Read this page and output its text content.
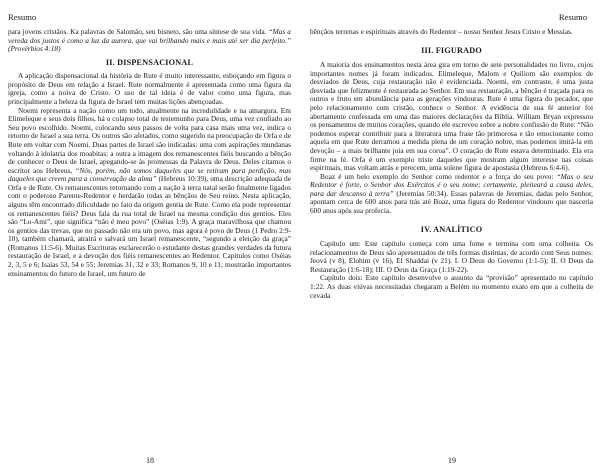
Resumo

para jovens cristãos. Ka palavras de Salomão, seu bisneto, são uma síntese de sua vida. “Mas a vereda dos justos é como a luz da aurora, que vai brilhando mais e mais até ser dia perfeito.” (Provérbios 4:18)

II. DISPENSACIONAL

A aplicação dispensacional da história de Rute é muito interessante, esboçando em figura o propósito de Deus em relação a Israel. Rute normalmente é apresentada como uma figura da igreja, como a noiva de Cristo. O uso de tal ideia é de valor como uma figura, mas principalmente a beleza da figura de Israel tem muitas lições abençoadas.

Noemi representa a nação como um todo, atualmente na incredulidade e na amargura. Em Elimeleque e seus dois filhos, há o colapso total de testemunho para Deus, uma vez confiado ao Seu povo escolhido. Noemi, colocando seus passos de volta para casa mais uma vez, indica o retorno de Israel a sua terra. Os outros são afetados, como sugerido na preocupação de Orfa e de Rute em voltar com Noemi. Duas partes de Israel são indicadas: uma com aspirações mundanas voltando à idolatria dos moabitas; a outra a imagem dos remanescentes fiéis buscando a bênção de conhecer o Deus de Israel, apegando-se às promessas da Palavra de Deus. Deles citamos o escritor aos Hebreus, “Nós, porém, não somos daqueles que se retiram para perdição, mas daqueles que creem para a conservação da alma” (Hebreus 10:39), uma descrição adequada de Orfa e de Rute. Os remanescentes retornando com a nação à terra natal serão finalmente ligados com o poderoso Parente-Redentor e herdarão todas as bênçãos de Seu reino. Nesta aplicação, alguns têm encontrado dificuldade no fato da origem gentia de Rute. Como ela pode representar os remanescentes fiéis? Deus fala da rua total de Israel na mesma condição dos gentios. Eles são “Lo-Ami”, que significa “não é meu povo” (Oséias 1:9). A graça maravilhosa que chamou os gentios das trevas, que no passado não era um povo, mas agora é povo de Deus (1 Pedro 2:9-10), também chamará, atrairá e salvará um Israel remanescente, “segundo a eleição da graça” (Romanos 11:5-6). Muitas Escrituras esclarecerão o estudante destas grandes verdades da futura restauração de Israel, e a devoção dos fiéis remanescentes ao Redentor. Capítulos como Oséias 2, 3, 5 e 6; Isaías 53, 54 e 55; Jeremias 31, 32 e 33; Romanos 9, 10 e 11; mostrarão importantes ensinamentos do futuro de Israel, um futuro de

18
Resumo

bênçãos terrenas e espirituais através do Redentor – nosso Senhor Jesus Cristo e Messias.

III. FIGURADO

A maioria dos ensinamentos nesta área gira em torno de sete personalidades no livro, cujos importantes nomes já foram indicados. Elimeleque, Malom e Quiliom são exemplos de desviados de Deus, cuja restauração não é evidenciada. Noemi, em contraste, é uma justa desviada que felizmente é restaurada ao Senhor. Em sua restauração, a bênção é traçada para os outros e fruto em abundância para as gerações vindouras. Rute é uma figura do pecador, que pelo relacionamento com cristão, conhece o Senhor. A evidência de sua fé anterior foi abertamente confessada em uma das maiores declarações da Bíblia. William Bryan expressou os pensamentos de muitos corações, quando ele escreveu sobre a nobre confissão de Rute: “Não podemos esperar contribuir para a literatura uma frase tão primorosa e tão emocionante como aquela em que Rute derramou a medida plena de um coração nobre, mas podemos imitá-la em devoção – a mais brilhante joia em sua coroa”. O coração de Rute estava determinado. Ela era firme na fé. Orfa é um exemplo triste daqueles que mostram algum interesse nas coisas espirituais, mas voltam atrás e perecem, uma solene figura de apostasia (Hebreus 6:4-6).

Boaz é um belo exemplo do Senhor como redentor e a força do seu povo: “Mas o seu Redentor é forte, o Senhor dos Exércitos é o seu nome; certamente, pleiteará a causa deles, para dar descanso à terra” (Jeremias 50:34). Essas palavras de Jeremias, dadas pelo Senhor, apontam cerca de 600 anos para trás até Boaz, uma figura do Redentor vindouro que nasceria 600 anos após sua profecia.

IV. ANALÍTICO

Capítulo um: Este capítulo começa com uma fome e termina com uma colheita. Os relacionamentos de Deus são apresentados de três formas distintas, de acordo com Seus nomes: Jeová (v 8), Elohim (v 16), El Shaddai (v 21). I. O Deus do Governo (1:1-5); II. O Deus da Restauração (1:6-18); III. O Deus da Graça (1:19-22).

Capítulo dois: Este capítulo desenvolve o assunto da “provisão” apresentado no capítulo 1:22. As duas viúvas necessitadas chegaram a Belém no momento exato em que a colheita de cevada

19
